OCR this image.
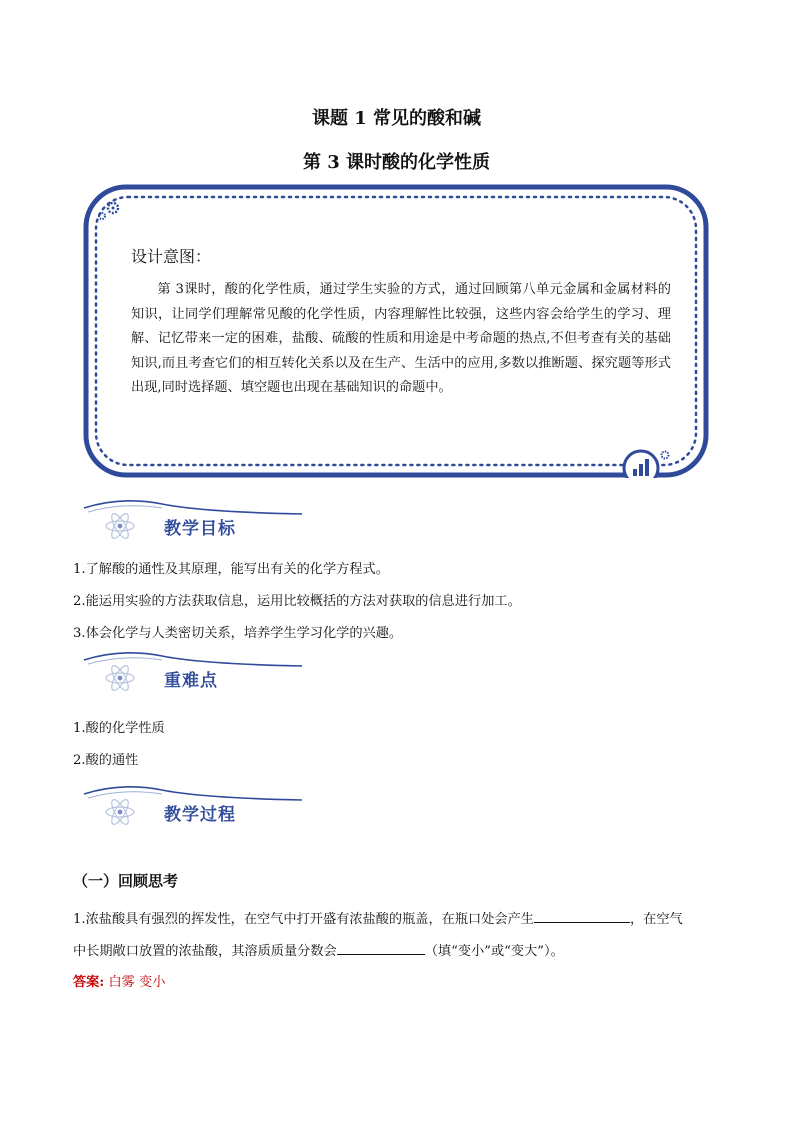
课题 1 常见的酸和碱
第 3 课时酸的化学性质
设计意图：
第 3课时，酸的化学性质，通过学生实验的方式，通过回顾第八单元金属和金属材料的知识，让同学们理解常见酸的化学性质，内容理解性比较强，这些内容会给学生的学习、理解、记忆带来一定的困难，盐酸、硫酸的性质和用途是中考命题的热点,不但考查有关的基础知识,而且考查它们的相互转化关系以及在生产、生活中的应用,多数以推断题、探究题等形式出现,同时选择题、填空题也出现在基础知识的命题中。
教学目标
1.了解酸的通性及其原理，能写出有关的化学方程式。
2.能运用实验的方法获取信息，运用比较概括的方法对获取的信息进行加工。
3.体会化学与人类密切关系，培养学生学习化学的兴趣。
重难点
1.酸的化学性质
2.酸的通性
教学过程
（一）回顾思考
1.浓盐酸具有强烈的挥发性，在空气中打开盛有浓盐酸的瓶盖，在瓶口处会产生	，在空气
中长期敞口放置的浓盐酸，其溶质质量分数会	（填“变小”或“变大”）。
答案: 白雾 变小
